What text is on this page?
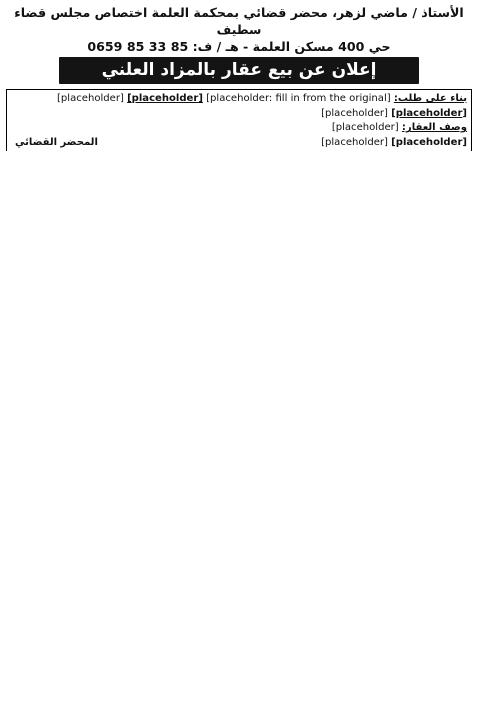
الأستاذ / ماضي لزهر، محضر قضائي بمحكمة العلمة اختصاص مجلس قضاء سطيف
حي 400 مسكن العلمة - هـ / ف: 85 33 85 0659
إعلان عن بيع عقار بالمزاد العلني

بناء على طلب: [placeholder: fill in from the original] [placeholder] [placeholder]

[placeholder] [placeholder]

وصف العقار: [placeholder]

[placeholder] [placeholder]
المحضر القضائي
